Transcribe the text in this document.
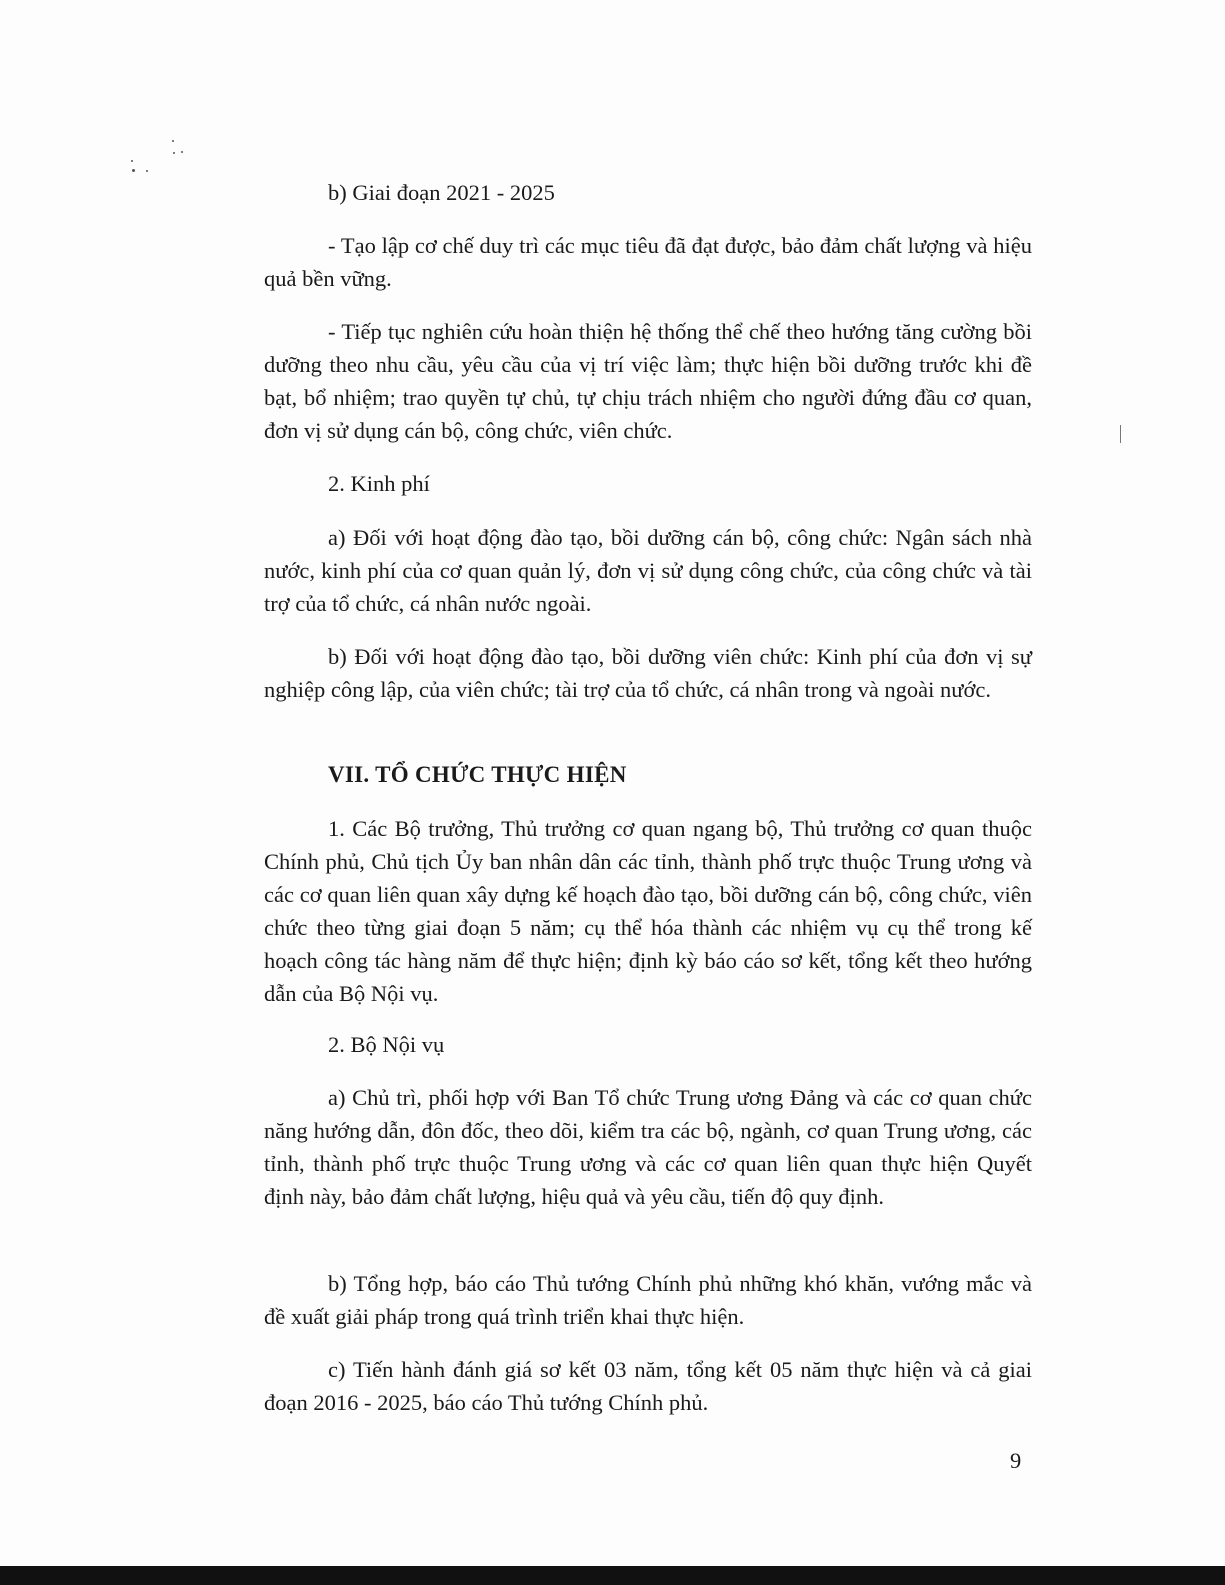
b) Giai đoạn 2021 - 2025

- Tạo lập cơ chế duy trì các mục tiêu đã đạt được, bảo đảm chất lượng và hiệu quả bền vững.

- Tiếp tục nghiên cứu hoàn thiện hệ thống thể chế theo hướng tăng cường bồi dưỡng theo nhu cầu, yêu cầu của vị trí việc làm; thực hiện bồi dưỡng trước khi đề bạt, bổ nhiệm; trao quyền tự chủ, tự chịu trách nhiệm cho người đứng đầu cơ quan, đơn vị sử dụng cán bộ, công chức, viên chức.

2. Kinh phí

a) Đối với hoạt động đào tạo, bồi dưỡng cán bộ, công chức: Ngân sách nhà nước, kinh phí của cơ quan quản lý, đơn vị sử dụng công chức, của công chức và tài trợ của tổ chức, cá nhân nước ngoài.

b) Đối với hoạt động đào tạo, bồi dưỡng viên chức: Kinh phí của đơn vị sự nghiệp công lập, của viên chức; tài trợ của tổ chức, cá nhân trong và ngoài nước.

VII. TỔ CHỨC THỰC HIỆN

1. Các Bộ trưởng, Thủ trưởng cơ quan ngang bộ, Thủ trưởng cơ quan thuộc Chính phủ, Chủ tịch Ủy ban nhân dân các tỉnh, thành phố trực thuộc Trung ương và các cơ quan liên quan xây dựng kế hoạch đào tạo, bồi dưỡng cán bộ, công chức, viên chức theo từng giai đoạn 5 năm; cụ thể hóa thành các nhiệm vụ cụ thể trong kế hoạch công tác hàng năm để thực hiện; định kỳ báo cáo sơ kết, tổng kết theo hướng dẫn của Bộ Nội vụ.

2. Bộ Nội vụ

a) Chủ trì, phối hợp với Ban Tổ chức Trung ương Đảng và các cơ quan chức năng hướng dẫn, đôn đốc, theo dõi, kiểm tra các bộ, ngành, cơ quan Trung ương, các tỉnh, thành phố trực thuộc Trung ương và các cơ quan liên quan thực hiện Quyết định này, bảo đảm chất lượng, hiệu quả và yêu cầu, tiến độ quy định.

b) Tổng hợp, báo cáo Thủ tướng Chính phủ những khó khăn, vướng mắc và đề xuất giải pháp trong quá trình triển khai thực hiện.

c) Tiến hành đánh giá sơ kết 03 năm, tổng kết 05 năm thực hiện và cả giai đoạn 2016 - 2025, báo cáo Thủ tướng Chính phủ.

9
